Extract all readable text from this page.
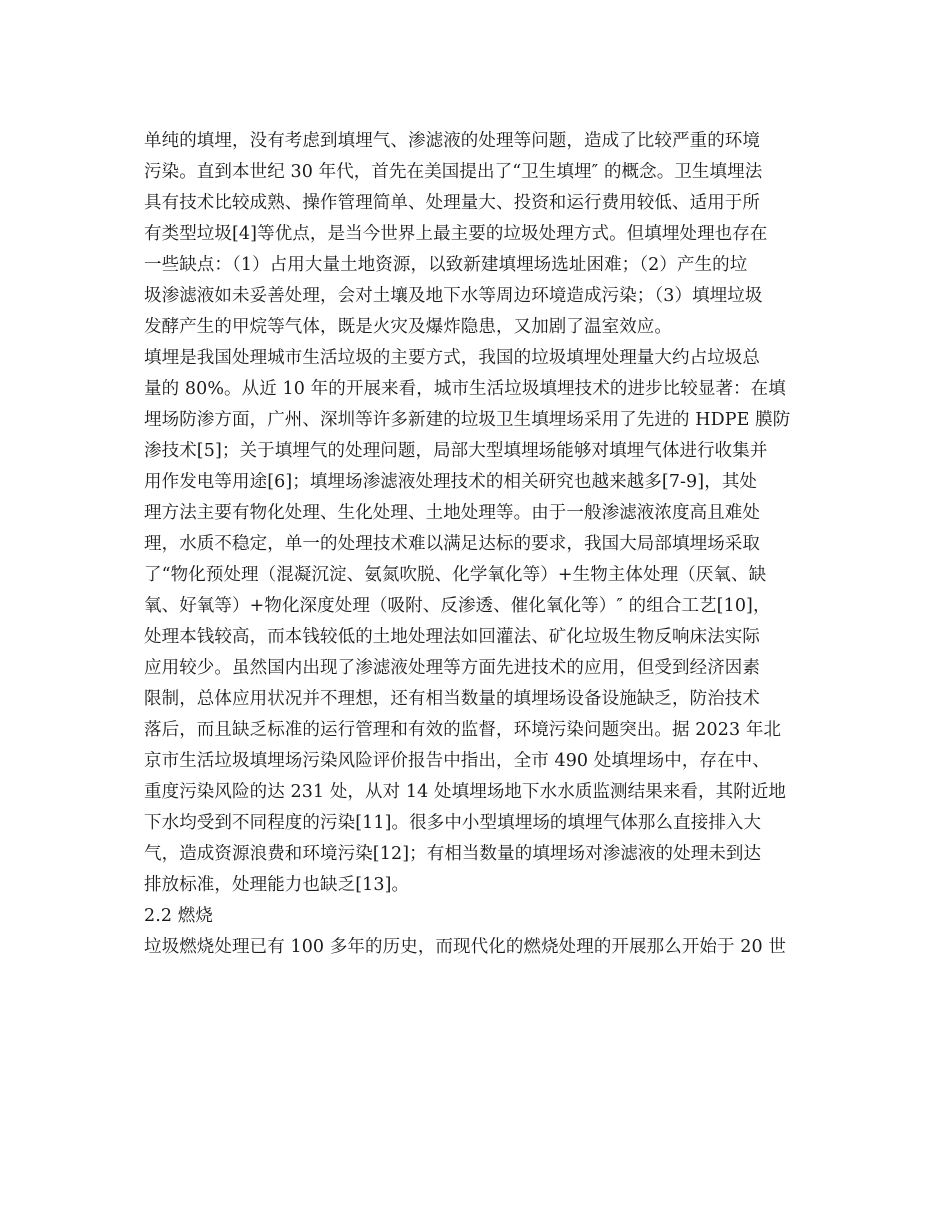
单纯的填埋，没有考虑到填埋气、渗滤液的处理等问题，造成了比较严重的环境
污染。直到本世纪 30 年代，首先在美国提出了“卫生填埋″ 的概念。卫生填埋法
具有技术比较成熟、操作管理简单、处理量大、投资和运行费用较低、适用于所
有类型垃圾[4]等优点，是当今世界上最主要的垃圾处理方式。但填埋处理也存在
一些缺点：（1）占用大量土地资源，以致新建填埋场选址困难；（2）产生的垃
圾渗滤液如未妥善处理，会对土壤及地下水等周边环境造成污染；（3）填埋垃圾
发酵产生的甲烷等气体，既是火灾及爆炸隐患，又加剧了温室效应。
填埋是我国处理城市生活垃圾的主要方式，我国的垃圾填埋处理量大约占垃圾总
量的 80%。从近 10 年的开展来看，城市生活垃圾填埋技术的进步比较显著：在填
埋场防渗方面，广州、深圳等许多新建的垃圾卫生填埋场采用了先进的 HDPE 膜防
渗技术[5]；关于填埋气的处理问题，局部大型填埋场能够对填埋气体进行收集并
用作发电等用途[6]；填埋场渗滤液处理技术的相关研究也越来越多[7-9]，其处
理方法主要有物化处理、生化处理、土地处理等。由于一般渗滤液浓度高且难处
理，水质不稳定，单一的处理技术难以满足达标的要求，我国大局部填埋场采取
了“物化预处理（混凝沉淀、氨氮吹脱、化学氧化等）+生物主体处理（厌氧、缺
氧、好氧等）+物化深度处理（吸附、反渗透、催化氧化等）″ 的组合工艺[10]，
处理本钱较高，而本钱较低的土地处理法如回灌法、矿化垃圾生物反响床法实际
应用较少。虽然国内出现了渗滤液处理等方面先进技术的应用，但受到经济因素
限制，总体应用状况并不理想，还有相当数量的填埋场设备设施缺乏，防治技术
落后，而且缺乏标准的运行管理和有效的监督，环境污染问题突出。据 2023 年北
京市生活垃圾填埋场污染风险评价报告中指出，全市 490 处填埋场中，存在中、
重度污染风险的达 231 处，从对 14 处填埋场地下水水质监测结果来看，其附近地
下水均受到不同程度的污染[11]。很多中小型填埋场的填埋气体那么直接排入大
气，造成资源浪费和环境污染[12]；有相当数量的填埋场对渗滤液的处理未到达
排放标准，处理能力也缺乏[13]。
2.2 燃烧
垃圾燃烧处理已有 100 多年的历史，而现代化的燃烧处理的开展那么开始于 20 世
